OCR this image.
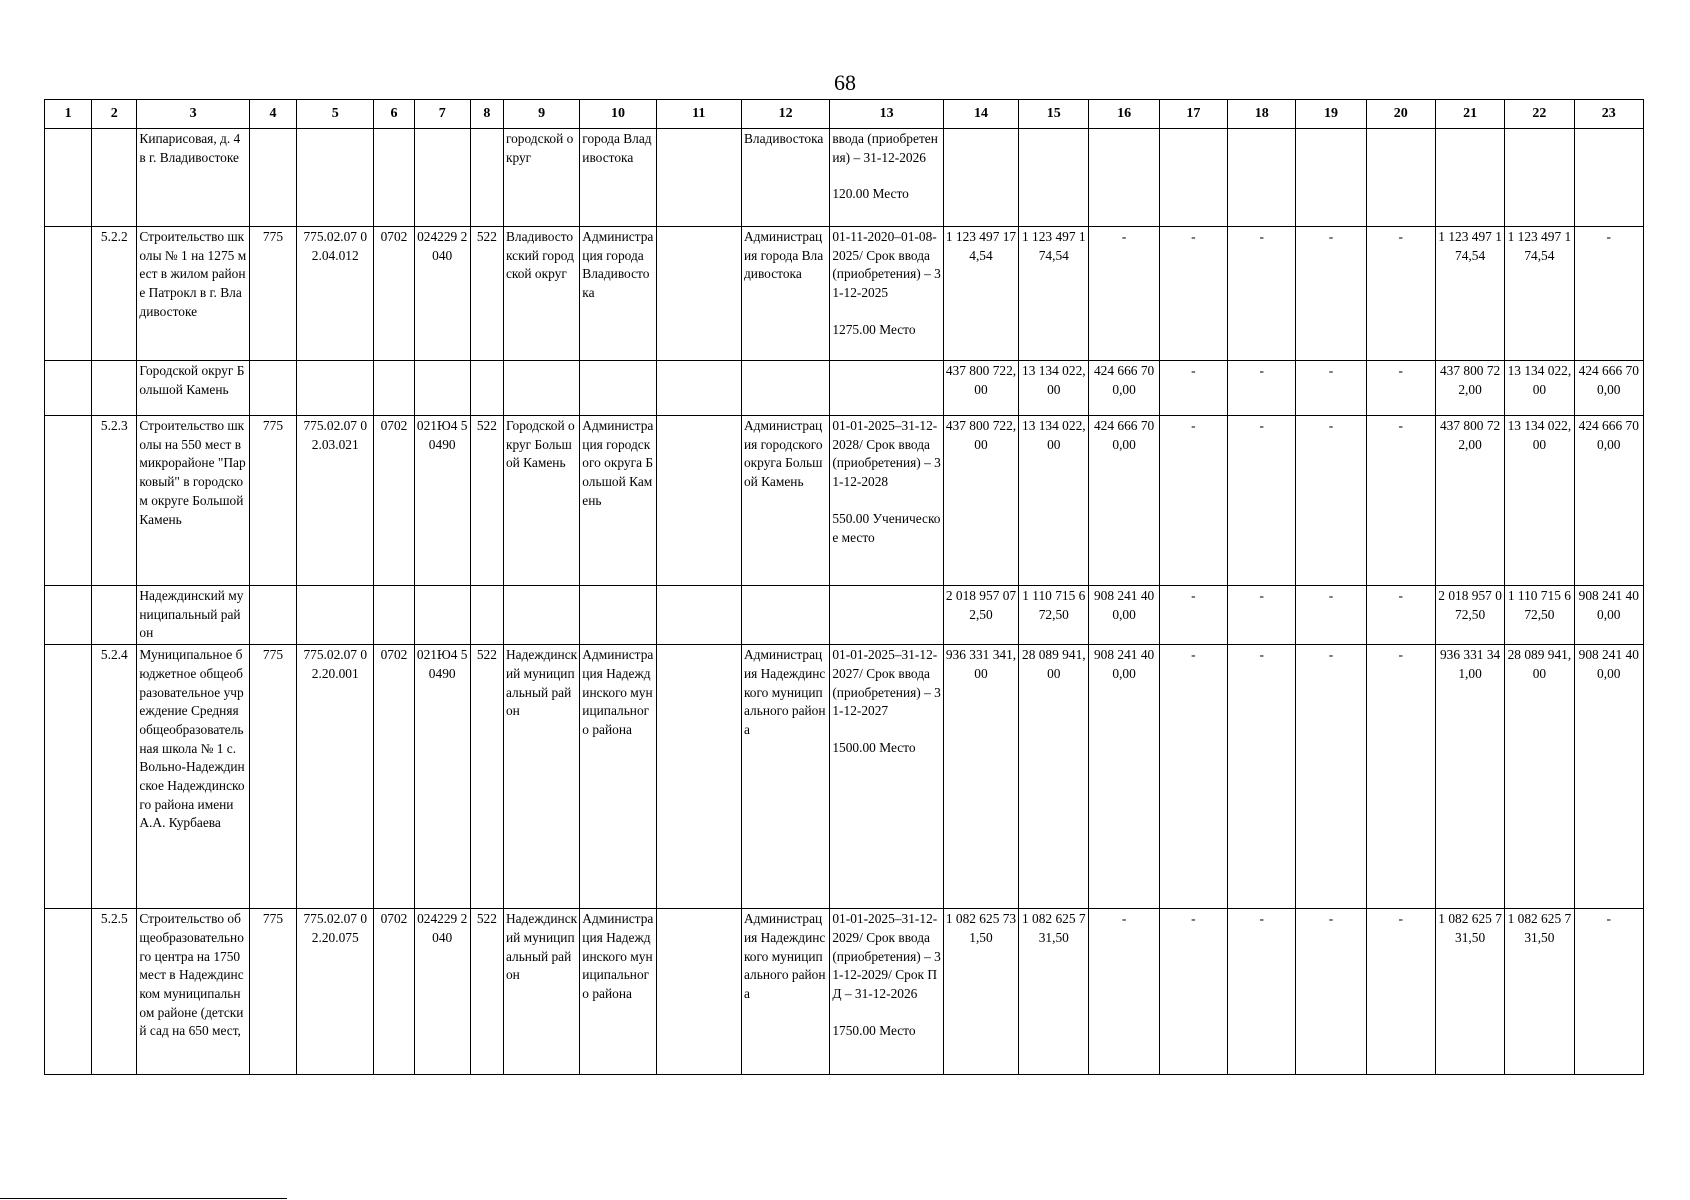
68
1	2	3	4	5	6	7	8	9	10	11	12	13	14	15	16	17	18	19	20	21	22	23
		Кипарисовая, д. 4 в г. Владивостоке						городской округ	города Владивостока		Владивостока	ввода (приобретения) – 31-12-2026
120.00 Место										

	5.2.2	Строительство школы № 1 на 1275 мест в жилом районе Патрокл в г. Владивостоке	775	775.02.07 02.04.012	0702	024229 2040	522	Владивостокский городской округ	Администрация города Владивостока		Администрация города Владивостока	01-11-2020–01-08-2025/ Срок ввода (приобретения) – 31-12-2025
1275.00 Место	1 123 497 174,54	1 123 497 174,54	-	-	-	-	-	1 123 497 174,54	1 123 497 174,54	-
		Городской округ Большой Камень											437 800 722,00	13 134 022,00	424 666 700,00	-	-	-	-	437 800 722,00	13 134 022,00	424 666 700,00
	5.2.3	Строительство школы на 550 мест в микрорайоне "Парковый" в городском округе Большой Камень	775	775.02.07 02.03.021	0702	021Ю4 50490	522	Городской округ Большой Камень	Администрация городского округа Большой Камень		Администрация городского округа Большой Камень	01-01-2025–31-12-2028/ Срок ввода (приобретения) – 31-12-2028
550.00 Ученическое место	437 800 722,00	13 134 022,00	424 666 700,00	-	-	-	-	437 800 722,00	13 134 022,00	424 666 700,00
		Надеждинский муниципальный район											2 018 957 072,50	1 110 715 672,50	908 241 400,00	-	-	-	-	2 018 957 072,50	1 110 715 672,50	908 241 400,00
	5.2.4	Муниципальное бюджетное общеобразовательное учреждение Средняя общеобразовательная школа № 1 с. Вольно-Надеждинское Надеждинского района имени А.А. Курбаева	775	775.02.07 02.20.001	0702	021Ю4 50490	522	Надеждинский муниципальный район	Администрация Надеждинского муниципального района		Администрация Надеждинского муниципального района	01-01-2025–31-12-2027/ Срок ввода (приобретения) – 31-12-2027
1500.00 Место	936 331 341,00	28 089 941,00	908 241 400,00	-	-	-	-	936 331 341,00	28 089 941,00	908 241 400,00
	5.2.5	Строительство общеобразовательного центра на 1750 мест в Надеждинском муниципальном районе (детский сад на 650 мест,	775	775.02.07 02.20.075	0702	024229 2040	522	Надеждинский муниципальный район	Администрация Надеждинского муниципального района		Администрация Надеждинского муниципального района	01-01-2025–31-12-2029/ Срок ввода (приобретения) – 31-12-2029/ Срок ПД – 31-12-2026
1750.00 Место	1 082 625 731,50	1 082 625 731,50	-	-	-	-	-	1 082 625 731,50	1 082 625 731,50	-
